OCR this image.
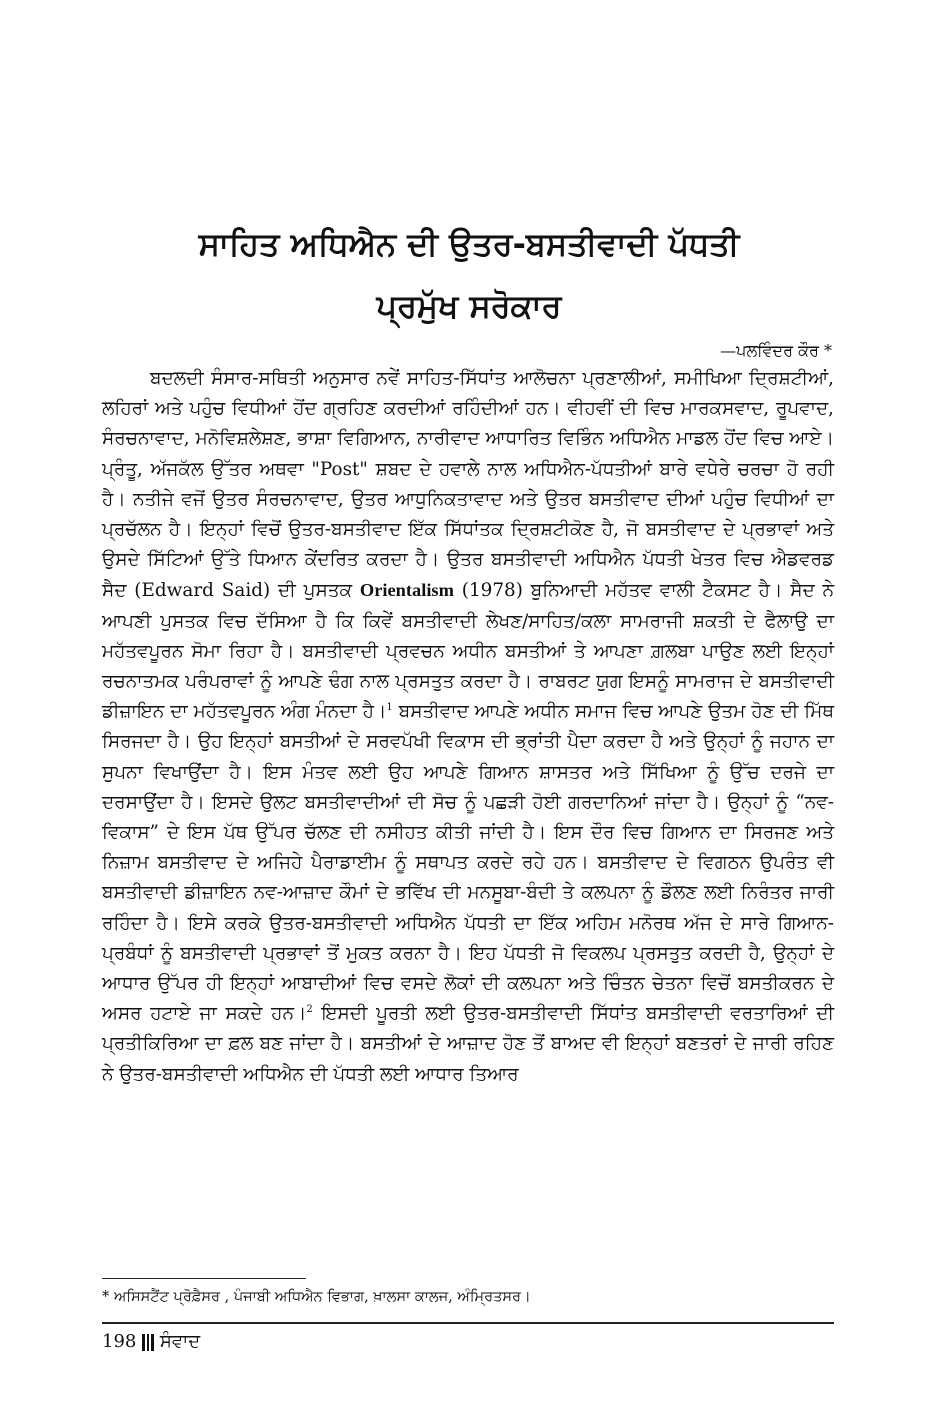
ਸਾਹਿਤ ਅਧਿਐਨ ਦੀ ਉਤਰ-ਬਸਤੀਵਾਦੀ ਪੱਧਤੀ
ਪ੍ਰਮੁੱਖ ਸਰੋਕਾਰ
—ਪਲਵਿੰਦਰ ਕੌਰ *

ਬਦਲਦੀ ਸੰਸਾਰ-ਸਥਿਤੀ ਅਨੁਸਾਰ ਨਵੇਂ ਸਾਹਿਤ-ਸਿੱਧਾਂਤ ਆਲੋਚਨਾ ਪ੍ਰਣਾਲੀਆਂ, ਸਮੀਖਿਆ ਦ੍ਰਿਸ਼ਟੀਆਂ, ਲਹਿਰਾਂ ਅਤੇ ਪਹੁੰਚ ਵਿਧੀਆਂ ਹੋਂਦ ਗ੍ਰਹਿਣ ਕਰਦੀਆਂ ਰਹਿੰਦੀਆਂ ਹਨ। ਵੀਹਵੀਂ ਦੀ ਵਿਚ ਮਾਰਕਸਵਾਦ, ਰੂਪਵਾਦ, ਸੰਰਚਨਾਵਾਦ, ਮਨੋਵਿਸ਼ਲੇਸ਼ਣ, ਭਾਸ਼ਾ ਵਿਗਿਆਨ, ਨਾਰੀਵਾਦ ਆਧਾਰਿਤ ਵਿਭਿੰਨ ਅਧਿਐਨ ਮਾਡਲ ਹੋਂਦ ਵਿਚ ਆਏ। ਪ੍ਰੰਤੂ, ਅੱਜਕੱਲ ਉੱਤਰ ਅਥਵਾ "Post" ਸ਼ਬਦ ਦੇ ਹਵਾਲੇ ਨਾਲ ਅਧਿਐਨ-ਪੱਧਤੀਆਂ ਬਾਰੇ ਵਧੇਰੇ ਚਰਚਾ ਹੋ ਰਹੀ ਹੈ। ਨਤੀਜੇ ਵਜੋਂ ਉਤਰ ਸੰਰਚਨਾਵਾਦ, ਉਤਰ ਆਧੁਨਿਕਤਾਵਾਦ ਅਤੇ ਉਤਰ ਬਸਤੀਵਾਦ ਦੀਆਂ ਪਹੁੰਚ ਵਿਧੀਆਂ ਦਾ ਪ੍ਰਚੱਲਨ ਹੈ। ਇਨ੍ਹਾਂ ਵਿਚੋਂ ਉਤਰ-ਬਸਤੀਵਾਦ ਇੱਕ ਸਿੱਧਾਂਤਕ ਦ੍ਰਿਸ਼ਟੀਕੋਣ ਹੈ, ਜੋ ਬਸਤੀਵਾਦ ਦੇ ਪ੍ਰਭਾਵਾਂ ਅਤੇ ਉਸਦੇ ਸਿੱਟਿਆਂ ਉੱਤੇ ਧਿਆਨ ਕੇਂਦਰਿਤ ਕਰਦਾ ਹੈ। ਉਤਰ ਬਸਤੀਵਾਦੀ ਅਧਿਐਨ ਪੱਧਤੀ ਖੇਤਰ ਵਿਚ ਐਡਵਰਡ ਸੈਦ (Edward Said) ਦੀ ਪੁਸਤਕ Orientalism (1978) ਬੁਨਿਆਦੀ ਮਹੱਤਵ ਵਾਲੀ ਟੈਕਸਟ ਹੈ। ਸੈਦ ਨੇ ਆਪਣੀ ਪੁਸਤਕ ਵਿਚ ਦੱਸਿਆ ਹੈ ਕਿ ਕਿਵੇਂ ਬਸਤੀਵਾਦੀ ਲੇਖਣ/ਸਾਹਿਤ/ਕਲਾ ਸਾਮਰਾਜੀ ਸ਼ਕਤੀ ਦੇ ਫੈਲਾਉ ਦਾ ਮਹੱਤਵਪੂਰਨ ਸੋਮਾ ਰਿਹਾ ਹੈ। ਬਸਤੀਵਾਦੀ ਪ੍ਰਵਚਨ ਅਧੀਨ ਬਸਤੀਆਂ ਤੇ ਆਪਣਾ ਗ਼ਲਬਾ ਪਾਉਣ ਲਈ ਇਨ੍ਹਾਂ ਰਚਨਾਤਮਕ ਪਰੰਪਰਾਵਾਂ ਨੂੰ ਆਪਣੇ ਢੰਗ ਨਾਲ ਪ੍ਰਸਤੁਤ ਕਰਦਾ ਹੈ। ਰਾਬਰਟ ਯੁਗ ਇਸਨੂੰ ਸਾਮਰਾਜ ਦੇ ਬਸਤੀਵਾਦੀ ਡੀਜ਼ਾਇਨ ਦਾ ਮਹੱਤਵਪੂਰਨ ਅੰਗ ਮੰਨਦਾ ਹੈ।$^1$ ਬਸਤੀਵਾਦ ਆਪਣੇ ਅਧੀਨ ਸਮਾਜ ਵਿਚ ਆਪਣੇ ਉਤਮ ਹੋਣ ਦੀ ਮਿੱਥ ਸਿਰਜਦਾ ਹੈ। ਉਹ ਇਨ੍ਹਾਂ ਬਸਤੀਆਂ ਦੇ ਸਰਵਪੱਖੀ ਵਿਕਾਸ ਦੀ ਭ੍ਰਾਂਤੀ ਪੈਦਾ ਕਰਦਾ ਹੈ ਅਤੇ ਉਨ੍ਹਾਂ ਨੂੰ ਜਹਾਨ ਦਾ ਸੁਪਨਾ ਵਿਖਾਉਂਦਾ ਹੈ। ਇਸ ਮੰਤਵ ਲਈ ਉਹ ਆਪਣੇ ਗਿਆਨ ਸ਼ਾਸਤਰ ਅਤੇ ਸਿੱਖਿਆ ਨੂੰ ਉੱਚ ਦਰਜੇ ਦਾ ਦਰਸਾਉਂਦਾ ਹੈ। ਇਸਦੇ ਉਲਟ ਬਸਤੀਵਾਦੀਆਂ ਦੀ ਸੋਚ ਨੂੰ ਪਛੜੀ ਹੋਈ ਗਰਦਾਨਿਆਂ ਜਾਂਦਾ ਹੈ। ਉਨ੍ਹਾਂ ਨੂੰ “ਨਵ-ਵਿਕਾਸ” ਦੇ ਇਸ ਪੱਥ ਉੱਪਰ ਚੱਲਣ ਦੀ ਨਸੀਹਤ ਕੀਤੀ ਜਾਂਦੀ ਹੈ। ਇਸ ਦੌਰ ਵਿਚ ਗਿਆਨ ਦਾ ਸਿਰਜਣ ਅਤੇ ਨਿਜ਼ਾਮ ਬਸਤੀਵਾਦ ਦੇ ਅਜਿਹੇ ਪੈਰਾਡਾਈਮ ਨੂੰ ਸਥਾਪਤ ਕਰਦੇ ਰਹੇ ਹਨ। ਬਸਤੀਵਾਦ ਦੇ ਵਿਗਠਨ ਉਪਰੰਤ ਵੀ ਬਸਤੀਵਾਦੀ ਡੀਜ਼ਾਇਨ ਨਵ-ਆਜ਼ਾਦ ਕੌਮਾਂ ਦੇ ਭਵਿੱਖ ਦੀ ਮਨਸੂਬਾ-ਬੰਦੀ ਤੇ ਕਲਪਨਾ ਨੂੰ ਡੌਲਣ ਲਈ ਨਿਰੰਤਰ ਜਾਰੀ ਰਹਿੰਦਾ ਹੈ। ਇਸੇ ਕਰਕੇ ਉਤਰ-ਬਸਤੀਵਾਦੀ ਅਧਿਐਨ ਪੱਧਤੀ ਦਾ ਇੱਕ ਅਹਿਮ ਮਨੋਰਥ ਅੱਜ ਦੇ ਸਾਰੇ ਗਿਆਨ-ਪ੍ਰਬੰਧਾਂ ਨੂੰ ਬਸਤੀਵਾਦੀ ਪ੍ਰਭਾਵਾਂ ਤੋਂ ਮੁਕਤ ਕਰਨਾ ਹੈ। ਇਹ ਪੱਧਤੀ ਜੋ ਵਿਕਲਪ ਪ੍ਰਸਤੁਤ ਕਰਦੀ ਹੈ, ਉਨ੍ਹਾਂ ਦੇ ਆਧਾਰ ਉੱਪਰ ਹੀ ਇਨ੍ਹਾਂ ਆਬਾਦੀਆਂ ਵਿਚ ਵਸਦੇ ਲੋਕਾਂ ਦੀ ਕਲਪਨਾ ਅਤੇ ਚਿੰਤਨ ਚੇਤਨਾ ਵਿਚੋਂ ਬਸਤੀਕਰਨ ਦੇ ਅਸਰ ਹਟਾਏ ਜਾ ਸਕਦੇ ਹਨ।$^2$ ਇਸਦੀ ਪੂਰਤੀ ਲਈ ਉਤਰ-ਬਸਤੀਵਾਦੀ ਸਿੱਧਾਂਤ ਬਸਤੀਵਾਦੀ ਵਰਤਾਰਿਆਂ ਦੀ ਪ੍ਰਤੀਕਿਰਿਆ ਦਾ ਫ਼ਲ ਬਣ ਜਾਂਦਾ ਹੈ। ਬਸਤੀਆਂ ਦੇ ਆਜ਼ਾਦ ਹੋਣ ਤੋਂ ਬਾਅਦ ਵੀ ਇਨ੍ਹਾਂ ਬਣਤਰਾਂ ਦੇ ਜਾਰੀ ਰਹਿਣ ਨੇ ਉਤਰ-ਬਸਤੀਵਾਦੀ ਅਧਿਐਨ ਦੀ ਪੱਧਤੀ ਲਈ ਆਧਾਰ ਤਿਆਰ

* ਅਸਿਸਟੈਂਟ ਪ੍ਰੋਫ਼ੈਸਰ , ਪੰਜਾਬੀ ਅਧਿਐਨ ਵਿਭਾਗ, ਖ਼ਾਲਸਾ ਕਾਲਜ, ਅੰਮ੍ਰਿਤਸਰ।
198 ਸੰਵਾਦ
